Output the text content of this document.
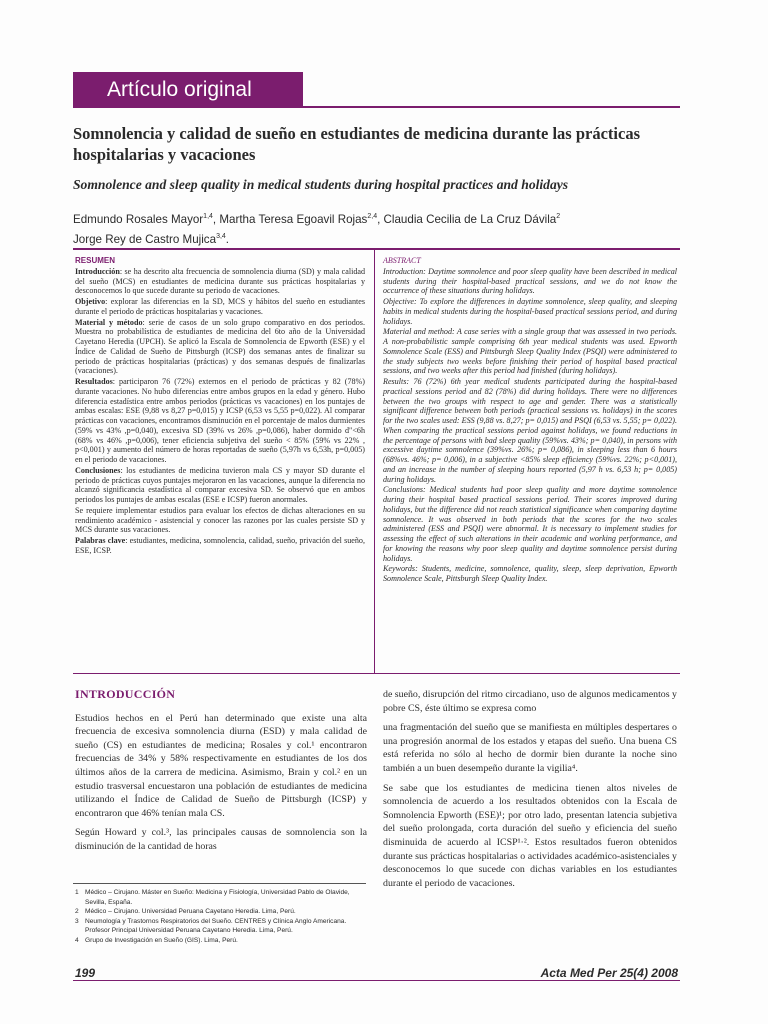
Artículo original
Somnolencia y calidad de sueño en estudiantes de medicina durante las prácticas hospitalarias y vacaciones
Somnolence and sleep quality in medical students during hospital practices and holidays
Edmundo Rosales Mayor$^{1,4}$, Martha Teresa Egoavil Rojas$^{2,4}$, Claudia Cecilia de La Cruz Dávila$^2$
Jorge Rey de Castro Mujica$^{3,4}$.
RESUMEN

Introducción: se ha descrito alta frecuencia de somnolencia diurna (SD) y mala calidad del sueño (MCS) en estudiantes de medicina durante sus prácticas hospitalarias y desconocemos lo que sucede durante su periodo de vacaciones.

Objetivo: explorar las diferencias en la SD, MCS y hábitos del sueño en estudiantes durante el periodo de prácticas hospitalarias y vacaciones.

Material y método: serie de casos de un solo grupo comparativo en dos periodos. Muestra no probabilística de estudiantes de medicina del 6to año de la Universidad Cayetano Heredia (UPCH). Se aplicó la Escala de Somnolencia de Epworth (ESE) y el Índice de Calidad de Sueño de Pittsburgh (ICSP) dos semanas antes de finalizar su periodo de prácticas hospitalarias (prácticas) y dos semanas después de finalizarlas (vacaciones).

Resultados: participaron 76 (72%) externos en el periodo de prácticas y 82 (78%) durante vacaciones. No hubo diferencias entre ambos grupos en la edad y género. Hubo diferencia estadística entre ambos periodos (prácticas vs vacaciones) en los puntajes de ambas escalas: ESE (9,88 vs 8,27 p=0,015) y ICSP (6,53 vs 5,55 p=0,022). Al comparar prácticas con vacaciones, encontramos disminución en el porcentaje de malos durmientes (59% vs 43% ,p=0,040), excesiva SD (39% vs 26% ,p=0,086), haber dormido d"<6h (68% vs 46% ,p=0,006), tener eficiencia subjetiva del sueño < 85% (59% vs 22% , p<0,001) y aumento del número de horas reportadas de sueño (5,97h vs 6,53h, p=0,005) en el periodo de vacaciones.

Conclusiones: los estudiantes de medicina tuvieron mala CS y mayor SD durante el periodo de prácticas cuyos puntajes mejoraron en las vacaciones, aunque la diferencia no alcanzó significancia estadística al comparar excesiva SD. Se observó que en ambos periodos los puntajes de ambas escalas (ESE e ICSP) fueron anormales.

Se requiere implementar estudios para evaluar los efectos de dichas alteraciones en su rendimiento académico - asistencial y conocer las razones por las cuales persiste SD y MCS durante sus vacaciones.

Palabras clave: estudiantes, medicina, somnolencia, calidad, sueño, privación del sueño, ESE, ICSP.

ABSTRACT

Introduction: Daytime somnolence and poor sleep quality have been described in medical students during their hospital-based practical sessions, and we do not know the occurrence of these situations during holidays.

Objective: To explore the differences in daytime somnolence, sleep quality, and sleeping habits in medical students during the hospital-based practical sessions period, and during holidays.

Material and method: A case series with a single group that was assessed in two periods. A non-probabilistic sample comprising 6th year medical students was used. Epworth Somnolence Scale (ESS) and Pittsburgh Sleep Quality Index (PSQI) were administered to the study subjects two weeks before finishing their period of hospital based practical sessions, and two weeks after this period had finished (during holidays).

Results: 76 (72%) 6th year medical students participated during the hospital-based practical sessions period and 82 (78%) did during holidays. There were no differences between the two groups with respect to age and gender. There was a statistically significant difference between both periods (practical sessions vs. holidays) in the scores for the two scales used: ESS (9,88 vs. 8,27; p= 0,015) and PSQI (6,53 vs. 5,55; p= 0,022). When comparing the practical sessions period against holidays, we found reductions in the percentage of persons with bad sleep quality (59%vs. 43%; p= 0,040), in persons with excessive daytime somnolence (39%vs. 26%; p= 0,086), in sleeping less than 6 hours (68%vs. 46%; p= 0,006), in a subjective <85% sleep efficiency (59%vs. 22%; p<0,001), and an increase in the number of sleeping hours reported (5,97 h vs. 6,53 h; p= 0,005) during holidays.

Conclusions: Medical students had poor sleep quality and more daytime somnolence during their hospital based practical sessions period. Their scores improved during holidays, but the difference did not reach statistical significance when comparing daytime somnolence. It was observed in both periods that the scores for the two scales administered (ESS and PSQI) were abnormal. It is necessary to implement studies for assessing the effect of such alterations in their academic and working performance, and for knowing the reasons why poor sleep quality and daytime somnolence persist during holidays.

Keywords: Students, medicine, somnolence, quality, sleep, sleep deprivation, Epworth Somnolence Scale, Pittsburgh Sleep Quality Index.

INTRODUCCIÓN

Estudios hechos en el Perú han determinado que existe una alta frecuencia de excesiva somnolencia diurna (ESD) y mala calidad de sueño (CS) en estudiantes de medicina; Rosales y col.¹ encontraron frecuencias de 34% y 58% respectivamente en estudiantes de los dos últimos años de la carrera de medicina. Asimismo, Brain y col.² en un estudio trasversal encuestaron una población de estudiantes de medicina utilizando el Índice de Calidad de Sueño de Pittsburgh (ICSP) y encontraron que 46% tenían mala CS.

Según Howard y col.³, las principales causas de somnolencia son la disminución de la cantidad de horas

1 Médico – Cirujano. Máster en Sueño: Medicina y Fisiología, Universidad Pablo de Olavide, Sevilla, España.
2 Médico – Cirujano. Universidad Peruana Cayetano Heredia. Lima, Perú.
3 Neumología y Trastornos Respiratorios del Sueño. CENTRES y Clínica Anglo Americana. Profesor Principal Universidad Peruana Cayetano Heredia. Lima, Perú.
4 Grupo de Investigación en Sueño (GIS). Lima, Perú.

de sueño, disrupción del ritmo circadiano, uso de algunos medicamentos y pobre CS, éste último se expresa como

una fragmentación del sueño que se manifiesta en múltiples despertares o una progresión anormal de los estados y etapas del sueño. Una buena CS está referida no sólo al hecho de dormir bien durante la noche sino también a un buen desempeño durante la vigilia⁴.

Se sabe que los estudiantes de medicina tienen altos niveles de somnolencia de acuerdo a los resultados obtenidos con la Escala de Somnolencia Epworth (ESE)¹; por otro lado, presentan latencia subjetiva del sueño prolongada, corta duración del sueño y eficiencia del sueño disminuida de acuerdo al ICSP¹·². Estos resultados fueron obtenidos durante sus prácticas hospitalarias o actividades académico-asistenciales y desconocemos lo que sucede con dichas variables en los estudiantes durante el periodo de vacaciones.

199	Acta Med Per 25(4) 2008
